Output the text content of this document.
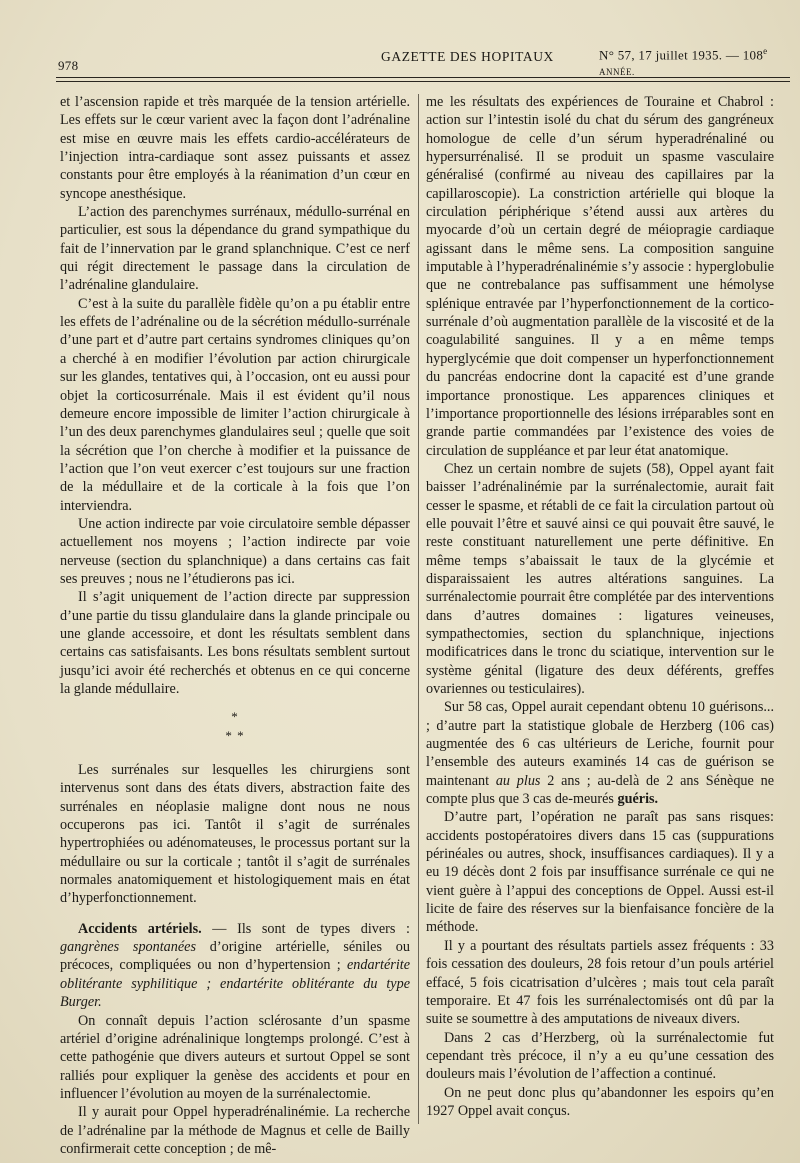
978
GAZETTE DES HOPITAUX	N° 57, 17 juillet 1935. — 108e ANNÉE.

et l’ascension rapide et très marquée de la tension artérielle. Les effets sur le cœur varient avec la façon dont l’adrénaline est mise en œuvre mais les effets cardio-accélérateurs de l’injection intra-cardiaque sont assez puissants et assez constants pour être employés à la réanimation d’un cœur en syncope anesthésique.

L’action des parenchymes surrénaux, médullo-surrénal en particulier, est sous la dépendance du grand sympathique du fait de l’innervation par le grand splanchnique. C’est ce nerf qui régit directement le passage dans la circulation de l’adrénaline glandulaire.

C’est à la suite du parallèle fidèle qu’on a pu établir entre les effets de l’adrénaline ou de la sécrétion médullo-surrénale d’une part et d’autre part certains syndromes cliniques qu’on a cherché à en modifier l’évolution par action chirurgicale sur les glandes, tentatives qui, à l’occasion, ont eu aussi pour objet la corticosurrénale. Mais il est évident qu’il nous demeure encore impossible de limiter l’action chirurgicale à l’un des deux parenchymes glandulaires seul ; quelle que soit la sécrétion que l’on cherche à modifier et la puissance de l’action que l’on veut exercer c’est toujours sur une fraction de la médullaire et de la corticale à la fois que l’on interviendra.

Une action indirecte par voie circulatoire semble dépasser actuellement nos moyens ; l’action indirecte par voie nerveuse (section du splanchnique) a dans certains cas fait ses preuves ; nous ne l’étudierons pas ici.

Il s’agit uniquement de l’action directe par suppression d’une partie du tissu glandulaire dans la glande principale ou une glande accessoire, et dont les résultats semblent dans certains cas satisfaisants. Les bons résultats semblent surtout jusqu’ici avoir été recherchés et obtenus en ce qui concerne la glande médullaire.

*
* *

Les surrénales sur lesquelles les chirurgiens sont intervenus sont dans des états divers, abstraction faite des surrénales en néoplasie maligne dont nous ne nous occuperons pas ici. Tantôt il s’agit de surrénales hypertrophiées ou adénomateuses, le processus portant sur la médullaire ou sur la corticale ; tantôt il s’agit de surrénales normales anatomiquement et histologiquement mais en état d’hyperfonctionnement.

Accidents artériels. — Ils sont de types divers : gangrènes spontanées d’origine artérielle, séniles ou précoces, compliquées ou non d’hypertension ; endartérite oblitérante syphilitique ; endartérite oblitérante du type Burger.

On connaît depuis l’action sclérosante d’un spasme artériel d’origine adrénalinique longtemps prolongé. C’est à cette pathogénie que divers auteurs et surtout Oppel se sont ralliés pour expliquer la genèse des accidents et pour en influencer l’évolution au moyen de la surrénalectomie.

Il y aurait pour Oppel hyperadrénalinémie. La recherche de l’adrénaline par la méthode de Magnus et celle de Bailly confirmerait cette conception ; de mê-

me les résultats des expériences de Touraine et Chabrol : action sur l’intestin isolé du chat du sérum des gangréneux homologue de celle d’un sérum hyperadrénaliné ou hypersurrénalisé. Il se produit un spasme vasculaire généralisé (confirmé au niveau des capillaires par la capillaroscopie). La constriction artérielle qui bloque la circulation périphérique s’étend aussi aux artères du myocarde d’où un certain degré de méiopragie cardiaque agissant dans le même sens. La composition sanguine imputable à l’hyperadrénalinémie s’y associe : hyperglobulie que ne contrebalance pas suffisamment une hémolyse splénique entravée par l’hyperfonctionnement de la cortico-surrénale d’où augmentation parallèle de la viscosité et de la coagulabilité sanguines. Il y a en même temps hyperglycémie que doit compenser un hyperfonctionnement du pancréas endocrine dont la capacité est d’une grande importance pronostique. Les apparences cliniques et l’importance proportionnelle des lésions irréparables sont en grande partie commandées par l’existence des voies de circulation de suppléance et par leur état anatomique.

Chez un certain nombre de sujets (58), Oppel ayant fait baisser l’adrénalinémie par la surrénalectomie, aurait fait cesser le spasme, et rétabli de ce fait la circulation partout où elle pouvait l’être et sauvé ainsi ce qui pouvait être sauvé, le reste constituant naturellement une perte définitive. En même temps s’abaissait le taux de la glycémie et disparaissaient les autres altérations sanguines. La surrénalectomie pourrait être complétée par des interventions dans d’autres domaines : ligatures veineuses, sympathectomies, section du splanchnique, injections modificatrices dans le tronc du sciatique, intervention sur le système génital (ligature des deux déférents, greffes ovariennes ou testiculaires).

Sur 58 cas, Oppel aurait cependant obtenu 10 guérisons... ; d’autre part la statistique globale de Herzberg (106 cas) augmentée des 6 cas ultérieurs de Leriche, fournit pour l’ensemble des auteurs examinés 14 cas de guérison se maintenant au plus 2 ans ; au-delà de 2 ans Sénèque ne compte plus que 3 cas de-meurés guéris.

D’autre part, l’opération ne paraît pas sans risques: accidents postopératoires divers dans 15 cas (suppurations périnéales ou autres, shock, insuffisances cardiaques). Il y a eu 19 décès dont 2 fois par insuffisance surrénale ce qui ne vient guère à l’appui des conceptions de Oppel. Aussi est-il licite de faire des réserves sur la bienfaisance foncière de la méthode.

Il y a pourtant des résultats partiels assez fréquents : 33 fois cessation des douleurs, 28 fois retour d’un pouls artériel effacé, 5 fois cicatrisation d’ulcères ; mais tout cela paraît temporaire. Et 47 fois les surrénalectomisés ont dû par la suite se soumettre à des amputations de niveaux divers.

Dans 2 cas d’Herzberg, où la surrénalectomie fut cependant très précoce, il n’y a eu qu’une cessation des douleurs mais l’évolution de l’affection a continué.

On ne peut donc plus qu’abandonner les espoirs qu’en 1927 Oppel avait conçus.
